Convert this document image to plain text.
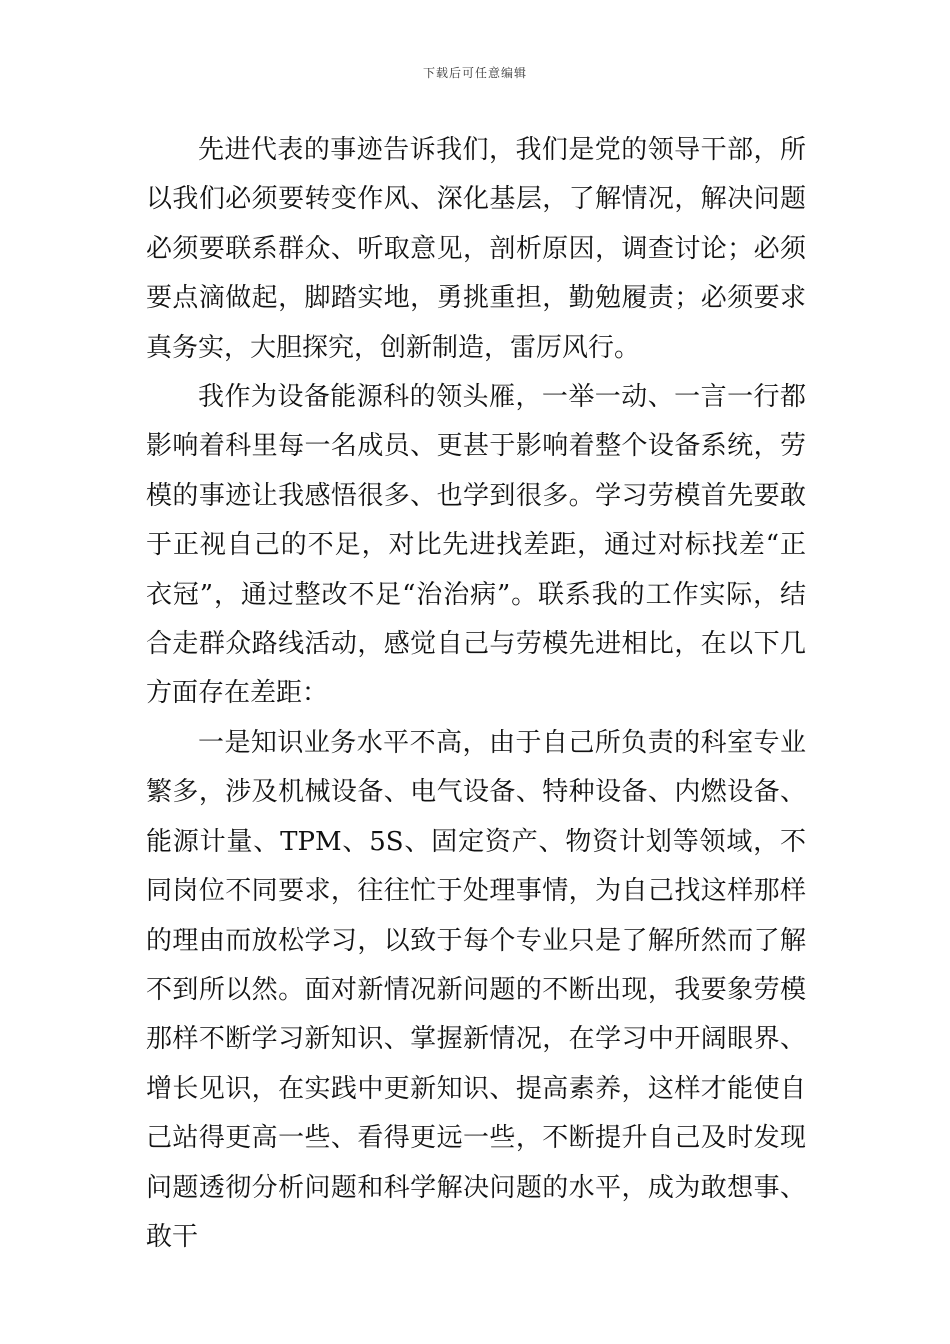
下载后可任意编辑

先进代表的事迹告诉我们，我们是党的领导干部，所以我们必须要转变作风、深化基层，了解情况，解决问题必须要联系群众、听取意见，剖析原因，调查讨论；必须要点滴做起，脚踏实地，勇挑重担，勤勉履责；必须要求真务实，大胆探究，创新制造，雷厉风行。

我作为设备能源科的领头雁，一举一动、一言一行都影响着科里每一名成员、更甚于影响着整个设备系统，劳模的事迹让我感悟很多、也学到很多。学习劳模首先要敢于正视自己的不足，对比先进找差距，通过对标找差“正衣冠”，通过整改不足“治治病”。联系我的工作实际，结合走群众路线活动，感觉自己与劳模先进相比，在以下几方面存在差距：

一是知识业务水平不高，由于自己所负责的科室专业繁多，涉及机械设备、电气设备、特种设备、内燃设备、能源计量、TPM、5S、固定资产、物资计划等领域，不同岗位不同要求，往往忙于处理事情，为自己找这样那样的理由而放松学习，以致于每个专业只是了解所然而了解不到所以然。面对新情况新问题的不断出现，我要象劳模那样不断学习新知识、掌握新情况，在学习中开阔眼界、增长见识，在实践中更新知识、提高素养，这样才能使自己站得更高一些、看得更远一些，不断提升自己及时发现问题透彻分析问题和科学解决问题的水平，成为敢想事、敢干
